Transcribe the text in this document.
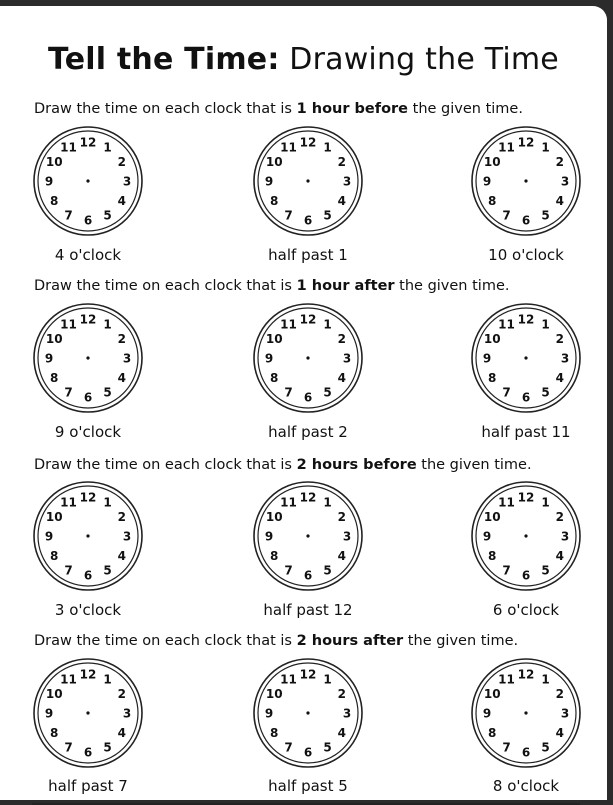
Tell the Time: Drawing the Time
Draw the time on each clock that is 1 hour before the given time.
12 1
2
3
4
5
6
7
8
9
10
11
4 o'clock
12 1
2
3
4
5
6
7
8
9
10
11
half past 1
12 1
2
3
4
5
6
7
8
9
10
11
10 o'clock
Draw the time on each clock that is 1 hour after the given time.
12 1
2
3
4
5
6
7
8
9
10
11
9 o'clock
12 1
2
3
4
5
6
7
8
9
10
11
half past 2
12 1
2
3
4
5
6
7
8
9
10
11
half past 11
Draw the time on each clock that is 2 hours before the given time.
12 1
2
3
4
5
6
7
8
9
10
11
3 o'clock
12 1
2
3
4
5
6
7
8
9
10
11
half past 12
12 1
2
3
4
5
6
7
8
9
10
11
6 o'clock
Draw the time on each clock that is 2 hours after the given time.
12 1
2
3
4
5
6
7
8
9
10
11
half past 7
12 1
2
3
4
5
6
7
8
9
10
11
half past 5
12 1
2
3
4
5
6
7
8
9
10
11
8 o'clock
